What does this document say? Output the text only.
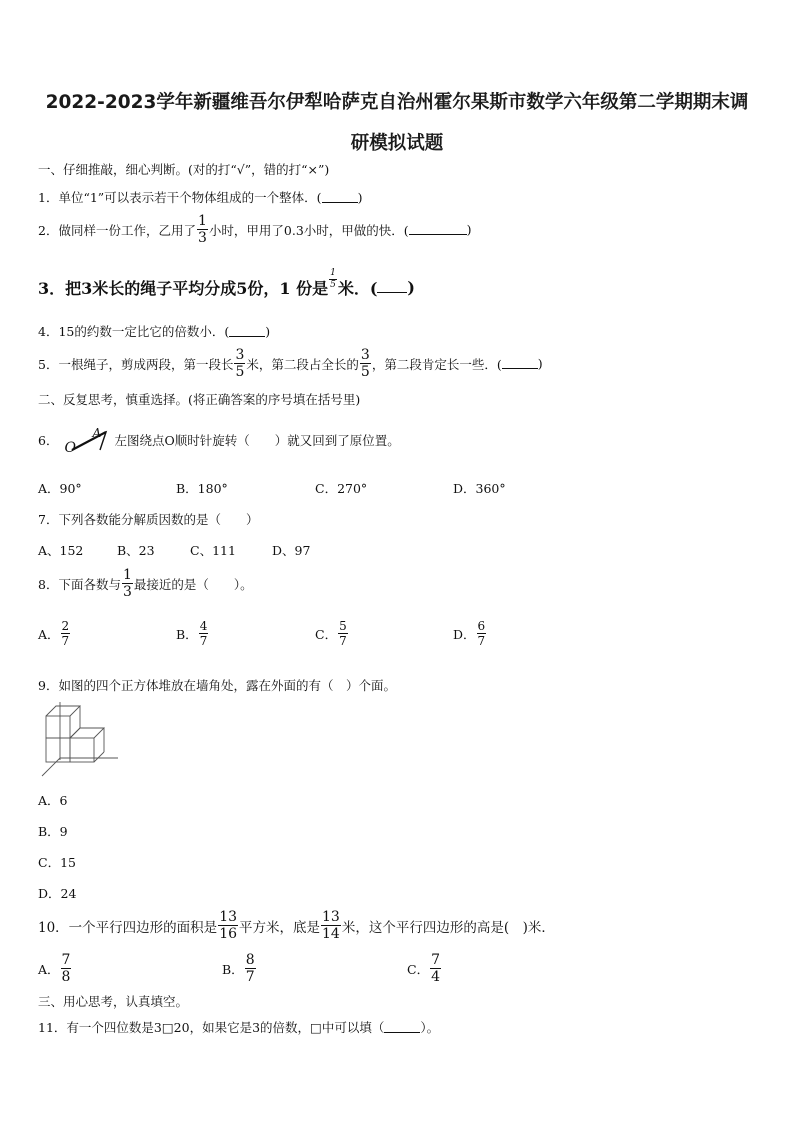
2022-2023学年新疆维吾尔伊犁哈萨克自治州霍尔果斯市数学六年级第二学期期末调
研模拟试题
一、仔细推敲，细心判断。(对的打“√”，错的打“×”)
1．单位“1”可以表示若干个物体组成的一个整体．(	)
2．做同样一份工作，乙用了 $\frac{1}{3}$ 小时，甲用了0.3小时，甲做的快．(	)
3．把3米长的绳子平均分成5份，1 份是 $\frac{1}{5}$ 米．( )
4．15的约数一定比它的倍数小．(	)
5．一根绳子，剪成两段，第一段长 $\frac{3}{5}$ 米，第二段占全长的 $\frac{3}{5}$ ，第二段肯定长一些．(	)
二、反复思考，慎重选择。(将正确答案的序号填在括号里)
6． O
A 左图绕点O顺时针旋转（　　）就又回到了原位置。
A．90°	B．180°	C．270°	D．360°
7．下列各数能分解质因数的是（　　）
A、152	B、23	C、111	D、97
8．下面各数与 $\frac{1}{3}$ 最接近的是（　　）。
A． $\frac{2}{7}$	B． $\frac{4}{7}$	C． $\frac{5}{7}$	D． $\frac{6}{7}$
9．如图的四个正方体堆放在墙角处，露在外面的有（　）个面。
A．6
B．9
C．15
D．24
10．一个平行四边形的面积是 $\frac{13}{16}$ 平方米，底是 $\frac{13}{14}$ 米，这个平行四边形的高是(　)米．
A． $\frac{7}{8}$	B． $\frac{8}{7}$	C． $\frac{7}{4}$
三、用心思考，认真填空。
11．有一个四位数是3□20，如果它是3的倍数，□中可以填（	）。
